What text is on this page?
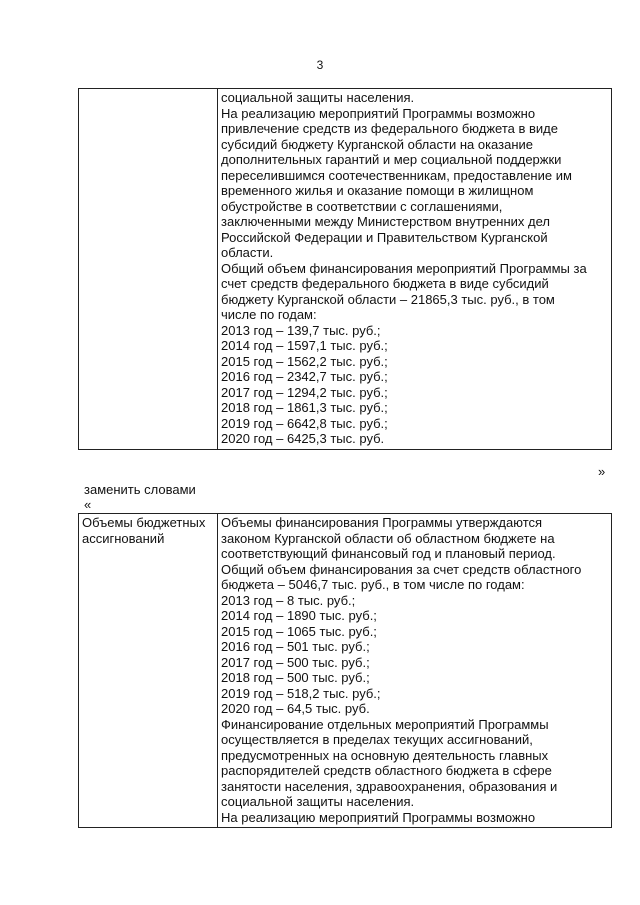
3

социальной защиты населения.
На реализацию мероприятий Программы возможно
привлечение средств из федерального бюджета в виде
субсидий бюджету Курганской области на оказание
дополнительных гарантий и мер социальной поддержки
переселившимся соотечественникам, предоставление им
временного жилья и оказание помощи в жилищном
обустройстве в соответствии с соглашениями,
заключенными между Министерством внутренних дел
Российской Федерации и Правительством Курганской
области.
Общий объем финансирования мероприятий Программы за
счет средств федерального бюджета в виде субсидий
бюджету Курганской области – 21865,3 тыс. руб., в том
числе по годам:
2013 год – 139,7 тыс. руб.;
2014 год – 1597,1 тыс. руб.;
2015 год – 1562,2 тыс. руб.;
2016 год – 2342,7 тыс. руб.;
2017 год – 1294,2 тыс. руб.;
2018 год – 1861,3 тыс. руб.;
2019 год – 6642,8 тыс. руб.;
2020 год – 6425,3 тыс. руб.
»
заменить словами
«
Объемы бюджетных
ассигнований

Объемы финансирования Программы утверждаются
законом Курганской области об областном бюджете на
соответствующий финансовый год и плановый период.
Общий объем финансирования за счет средств областного
бюджета – 5046,7 тыс. руб., в том числе по годам:
2013 год – 8 тыс. руб.;
2014 год – 1890 тыс. руб.;
2015 год – 1065 тыс. руб.;
2016 год – 501 тыс. руб.;
2017 год – 500 тыс. руб.;
2018 год – 500 тыс. руб.;
2019 год – 518,2 тыс. руб.;
2020 год – 64,5 тыс. руб.
Финансирование отдельных мероприятий Программы
осуществляется в пределах текущих ассигнований,
предусмотренных на основную деятельность главных
распорядителей средств областного бюджета в сфере
занятости населения, здравоохранения, образования и
социальной защиты населения.
На реализацию мероприятий Программы возможно
